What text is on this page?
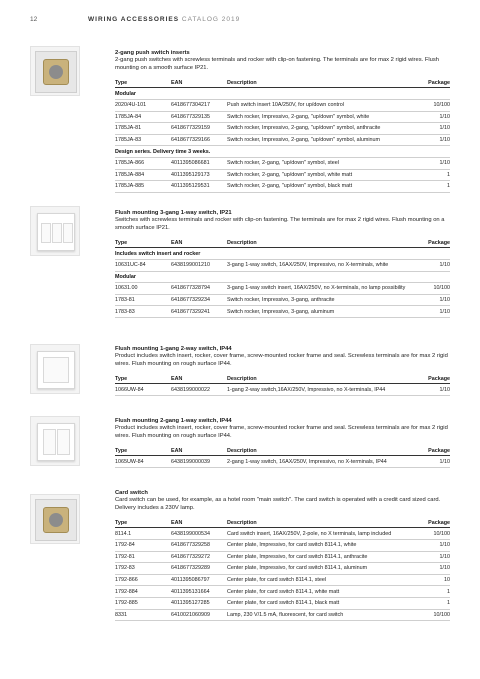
12	WIRING ACCESSORIES CATALOG 2019
2-gang push switch inserts
2-gang push switches with screwless terminals and rocker with clip-on fastening. The terminals are for max 2 rigid wires. Flush mounting on a smooth surface IP21.
Type	EAN	Description	Package
Modular			
2020/4U-101	6418677304217	Push switch insert 10A/250V, for up/down control	10/100
1785JA-84	6418677329135	Switch rocker, Impressivo, 2-gang, "up/down" symbol, white	1/10
1785JA-81	6418677329159	Switch rocker, Impressivo, 2-gang, "up/down" symbol, anthracite	1/10
1785JA-83	6418677329166	Switch rocker, Impressivo, 2-gang, "up/down" symbol, aluminum	1/10
Design series. Delivery time 3 weeks.			
1785JA-866	4011395086681	Switch rocker, 2-gang, "up/down" symbol, steel	1/10
1785JA-884	4011395129173	Switch rocker, 2-gang, "up/down" symbol, white matt	1
1785JA-885	4011395129531	Switch rocker, 2-gang, "up/down" symbol, black matt	1
Flush mounting 3-gang 1-way switch, IP21
Switches with screwless terminals and rocker with clip-on fastening. The terminals are for max 2 rigid wires. Flush mounting on a smooth surface IP21.
Type	EAN	Description	Package
Includes switch insert and rocker			
10631UC-84	6438199001210	3-gang 1-way switch, 16AX/250V, Impressivo, no X-terminals, white	1/10
Modular			
10631.00	6418677328794	3-gang 1-way switch insert, 16AX/250V, no X-terminals, no lamp possibility	10/100
1783-81	6418677329234	Switch rocker, Impressivo, 3-gang, anthracite	1/10
1783-83	6418677329241	Switch rocker, Impressivo, 3-gang, aluminum	1/10
Flush mounting 1-gang 2-way switch, IP44
Product includes switch insert, rocker, cover frame, screw-mounted rocker frame and seal. Screwless terminals are for max 2 rigid wires. Flush mounting on rough surface IP44.
Type	EAN	Description	Package
1066UW-84	6438199000022	1-gang 2-way switch,16AX/250V, Impressivo, no X-terminals, IP44	1/10
Flush mounting 2-gang 1-way switch, IP44
Product includes switch insert, rocker, cover frame, screw-mounted rocker frame and seal. Screwless terminals are for max 2 rigid wires. Flush mounting on rough surface IP44.
Type	EAN	Description	Package
1065UW-84	6438199000039	2-gang 1-way switch, 16AX/250V, Impressivo, no X-terminals, IP44	1/10
Card switch
Card switch can be used, for example, as a hotel room "main switch". The card switch is operated with a credit card sized card. Delivery includes a 230V lamp.
Type	EAN	Description	Package
8114.1	6438199000534	Card switch insert, 16AX/250V, 2-pole, no X terminals, lamp included	10/100
1792-84	6418677329258	Center plate, Impressivo, for card switch 8114.1, white	1/10
1792-81	6418677329272	Center plate, Impressivo, for card switch 8114.1, anthracite	1/10
1792-83	6418677329289	Center plate, Impressivo, for card switch 8114.1, aluminum	1/10
1792-866	4011395086797	Center plate, for card switch 8114.1, steel	10
1792-884	4011395131664	Center plate, for card switch 8114.1, white matt	1
1792-885	4011395127285	Center plate, for card switch 8114.1, black matt	1
8331	6410021060909	Lamp, 230 V/1.5 mA, fluorescent, for card switch	10/100
